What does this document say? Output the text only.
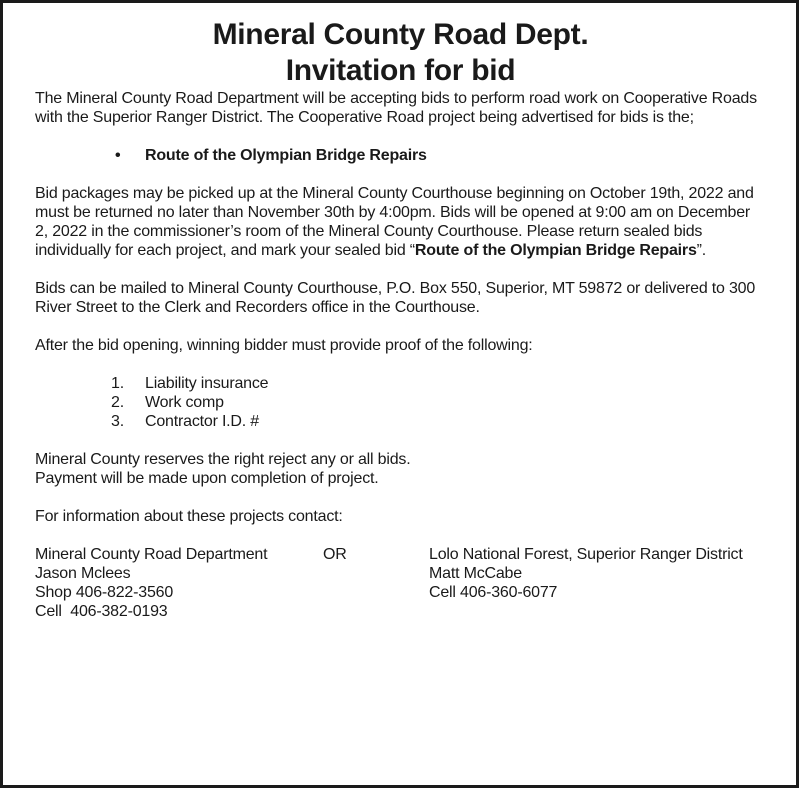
Mineral County Road Dept.
Invitation for bid

The Mineral County Road Department will be accepting bids to perform road work on Cooperative Roads with the Superior Ranger District. The Cooperative Road project being advertised for bids is the;

•	Route of the Olympian Bridge Repairs

Bid packages may be picked up at the Mineral County Courthouse beginning on October 19th, 2022 and must be returned no later than November 30th by 4:00pm. Bids will be opened at 9:00 am on December 2, 2022 in the commissioner’s room of the Mineral County Courthouse. Please return sealed bids individually for each project, and mark your sealed bid “Route of the Olympian Bridge Repairs”.

Bids can be mailed to Mineral County Courthouse, P.O. Box 550, Superior, MT 59872 or delivered to 300 River Street to the Clerk and Recorders office in the Courthouse.

After the bid opening, winning bidder must provide proof of the following:

1.	Liability insurance
2.	Work comp
3.	Contractor I.D. #

Mineral County reserves the right reject any or all bids.

Payment will be made upon completion of project.

For information about these projects contact:

Mineral County Road Department
Jason Mclees
Shop 406-822-3560
Cell  406-382-0193
OR	Lolo National Forest, Superior Ranger District
Matt McCabe
Cell 406-360-6077
